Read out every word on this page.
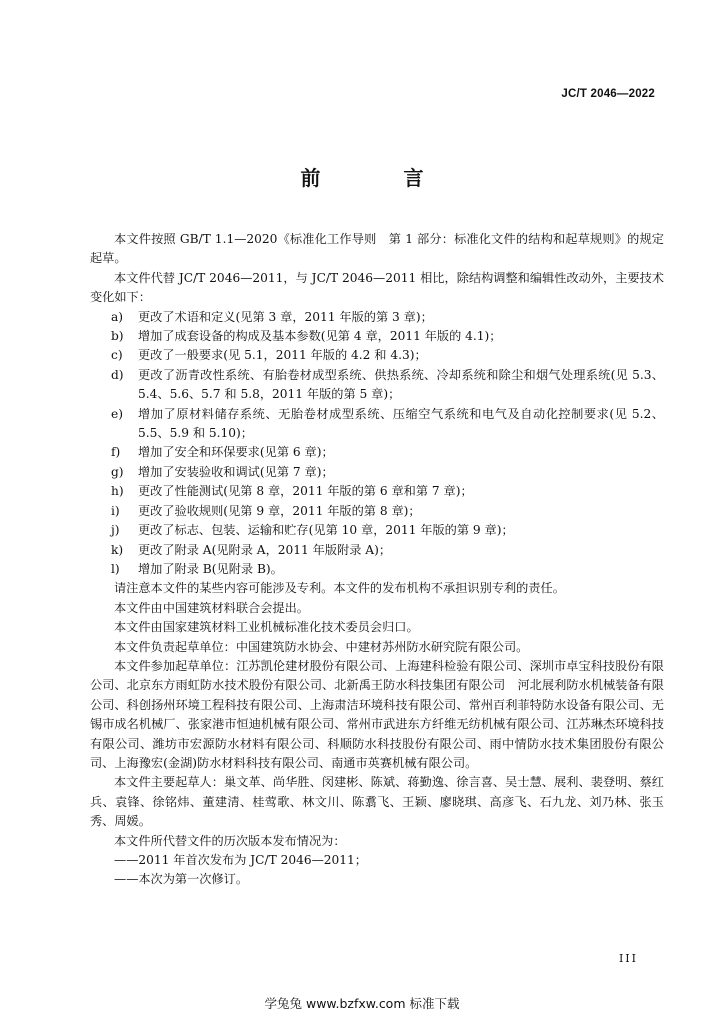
JC/T 2046—2022
前 言

本文件按照 GB/T 1.1—2020《标准化工作导则　第 1 部分：标准化文件的结构和起草规则》的规定起草。

本文件代替 JC/T 2046—2011，与 JC/T 2046—2011 相比，除结构调整和编辑性改动外，主要技术变化如下：

a)	更改了术语和定义(见第 3 章，2011 年版的第 3 章)；
b)	增加了成套设备的构成及基本参数(见第 4 章，2011 年版的 4.1)；
c)	更改了一般要求(见 5.1，2011 年版的 4.2 和 4.3)；
d)	更改了沥青改性系统、有胎卷材成型系统、供热系统、冷却系统和除尘和烟气处理系统(见 5.3、5.4、5.6、5.7 和 5.8，2011 年版的第 5 章)；
e)	增加了原材料储存系统、无胎卷材成型系统、压缩空气系统和电气及自动化控制要求(见 5.2、5.5、5.9 和 5.10)；
f)	增加了安全和环保要求(见第 6 章)；
g)	增加了安装验收和调试(见第 7 章)；
h)	更改了性能测试(见第 8 章，2011 年版的第 6 章和第 7 章)；
i)	更改了验收规则(见第 9 章，2011 年版的第 8 章)；
j)	更改了标志、包装、运输和贮存(见第 10 章，2011 年版的第 9 章)；
k)	更改了附录 A(见附录 A，2011 年版附录 A)；
l)	增加了附录 B(见附录 B)。

请注意本文件的某些内容可能涉及专利。本文件的发布机构不承担识别专利的责任。

本文件由中国建筑材料联合会提出。

本文件由国家建筑材料工业机械标准化技术委员会归口。

本文件负责起草单位：中国建筑防水协会、中建材苏州防水研究院有限公司。

本文件参加起草单位：江苏凯伦建材股份有限公司、上海建科检验有限公司、深圳市卓宝科技股份有限公司、北京东方雨虹防水技术股份有限公司、北新禹王防水科技集团有限公司　河北展利防水机械装备有限公司、科创扬州环境工程科技有限公司、上海肃洁环境科技有限公司、常州百利菲特防水设备有限公司、无锡市成名机械厂、张家港市恒迪机械有限公司、常州市武进东方纤维无纺机械有限公司、江苏琳杰环境科技有限公司、潍坊市宏源防水材料有限公司、科顺防水科技股份有限公司、雨中情防水技术集团股份有限公司、上海豫宏(金湖)防水材料科技有限公司、南通市英赛机械有限公司。

本文件主要起草人：巢文革、尚华胜、闵建彬、陈斌、蒋勤逸、徐言喜、吴士慧、展利、裴登明、蔡红兵、袁锋、徐铭炜、董建清、桂莺歌、林文川、陈翥飞、王颖、廖晓琪、高彦飞、石九龙、刘乃林、张玉秀、周媛。

本文件所代替文件的历次版本发布情况为：

——2011 年首次发布为 JC/T 2046—2011；

——本次为第一次修订。

III
学兔兔 www.bzfxw.com 标准下载
